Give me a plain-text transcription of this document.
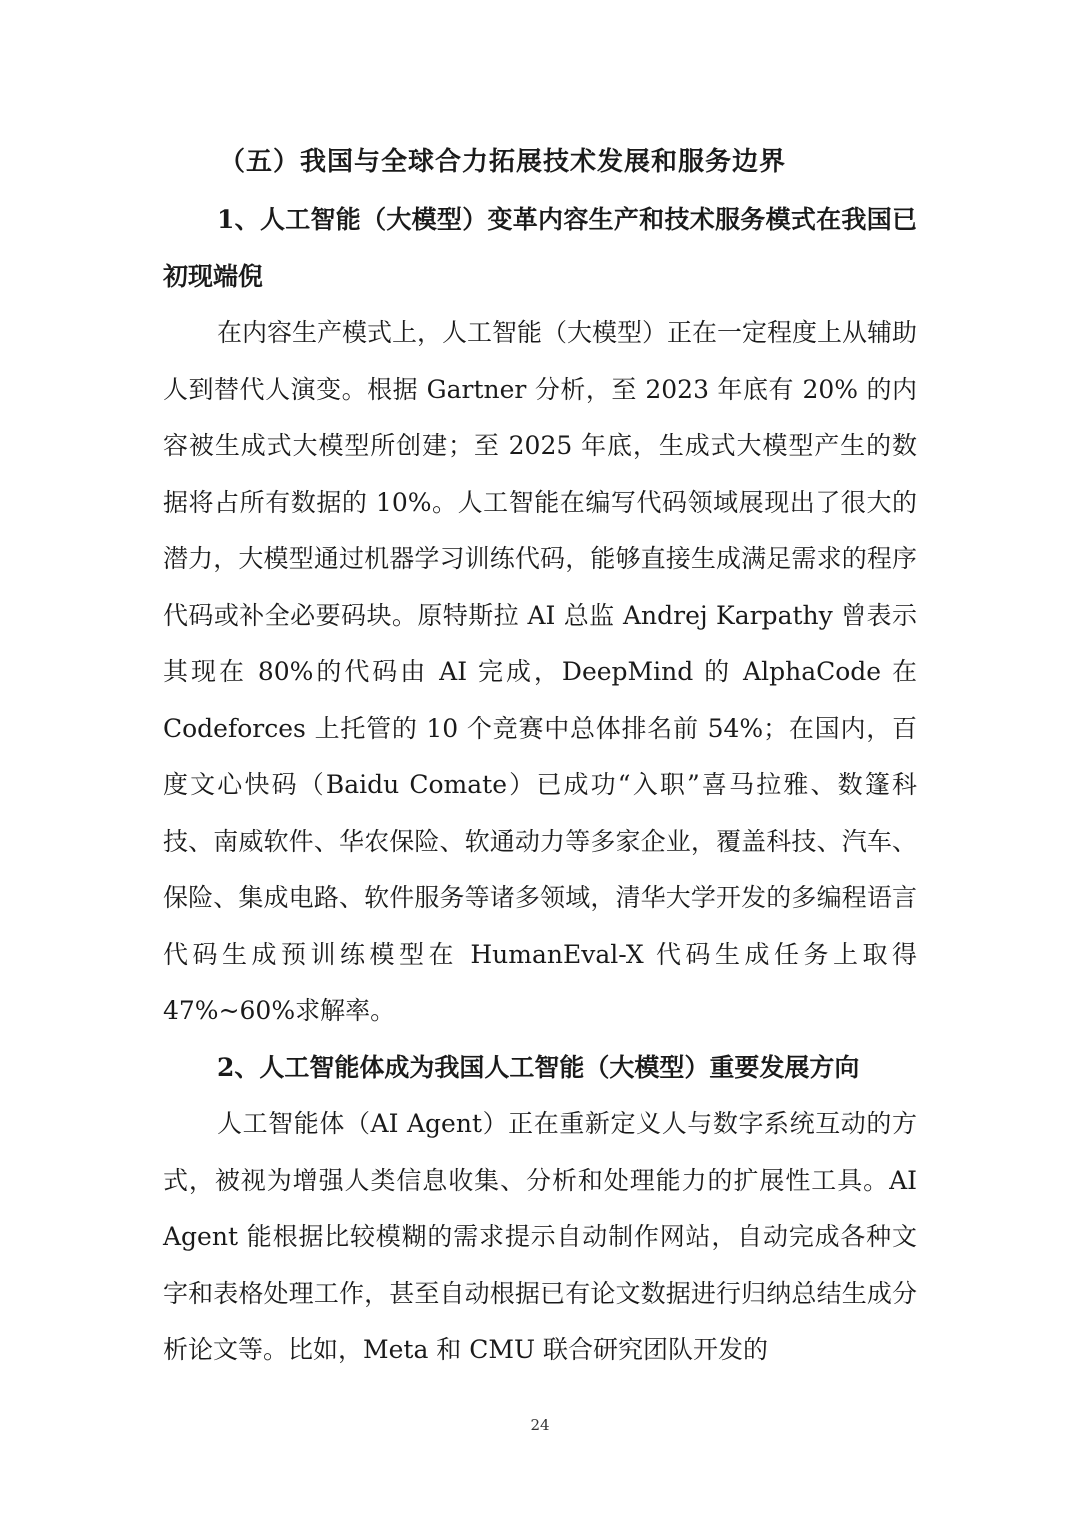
（五）我国与全球合力拓展技术发展和服务边界
1、人工智能（大模型）变革内容生产和技术服务模式在我国已初现端倪

在内容生产模式上，人工智能（大模型）正在一定程度上从辅助人到替代人演变。根据 Gartner 分析，至 2023 年底有 20% 的内容被生成式大模型所创建；至 2025 年底，生成式大模型产生的数据将占所有数据的 10%。人工智能在编写代码领域展现出了很大的潜力，大模型通过机器学习训练代码，能够直接生成满足需求的程序代码或补全必要码块。原特斯拉 AI 总监 Andrej Karpathy 曾表示其现在 80%的代码由 AI 完成，DeepMind 的 AlphaCode 在 Codeforces 上托管的 10 个竞赛中总体排名前 54%；在国内，百度文心快码（Baidu Comate）已成功“入职”喜马拉雅、数篷科技、南威软件、华农保险、软通动力等多家企业，覆盖科技、汽车、保险、集成电路、软件服务等诸多领域，清华大学开发的多编程语言代码生成预训练模型在 HumanEval-X 代码生成任务上取得 47%~60%求解率。

2、人工智能体成为我国人工智能（大模型）重要发展方向

人工智能体（AI Agent）正在重新定义人与数字系统互动的方式，被视为增强人类信息收集、分析和处理能力的扩展性工具。AI Agent 能根据比较模糊的需求提示自动制作网站，自动完成各种文字和表格处理工作，甚至自动根据已有论文数据进行归纳总结生成分析论文等。比如，Meta 和 CMU 联合研究团队开发的

24
